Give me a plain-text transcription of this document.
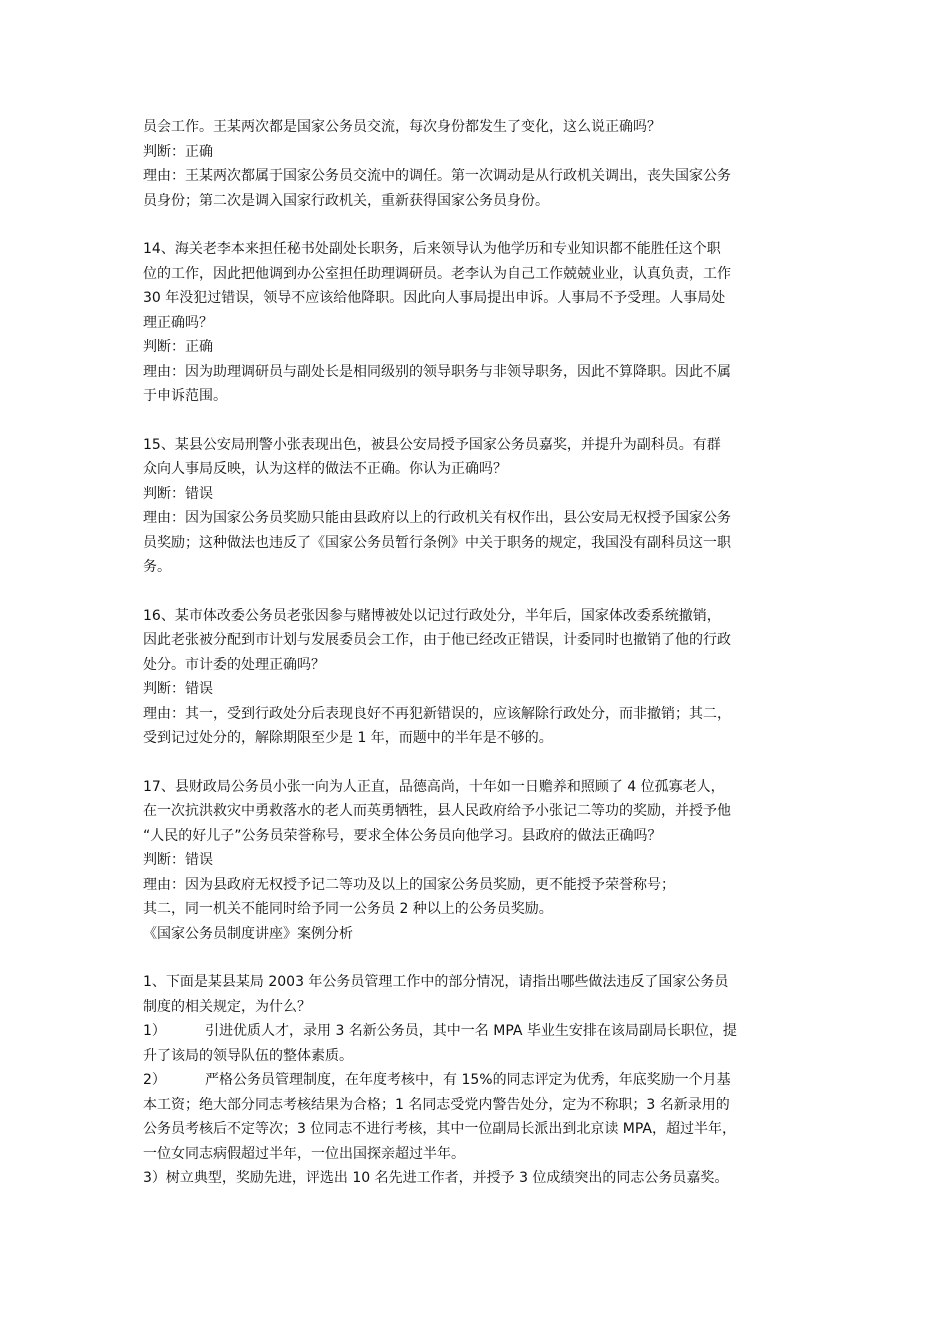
员会工作。王某两次都是国家公务员交流，每次身份都发生了变化，这么说正确吗？
判断：正确
理由：王某两次都属于国家公务员交流中的调任。第一次调动是从行政机关调出，丧失国家公务
员身份；第二次是调入国家行政机关，重新获得国家公务员身份。
14、海关老李本来担任秘书处副处长职务，后来领导认为他学历和专业知识都不能胜任这个职
位的工作，因此把他调到办公室担任助理调研员。老李认为自己工作兢兢业业，认真负责，工作
30 年没犯过错误，领导不应该给他降职。因此向人事局提出申诉。人事局不予受理。人事局处
理正确吗？
判断：正确
理由：因为助理调研员与副处长是相同级别的领导职务与非领导职务，因此不算降职。因此不属
于申诉范围。
15、某县公安局刑警小张表现出色，被县公安局授予国家公务员嘉奖，并提升为副科员。有群
众向人事局反映，认为这样的做法不正确。你认为正确吗？
判断：错误
理由：因为国家公务员奖励只能由县政府以上的行政机关有权作出，县公安局无权授予国家公务
员奖励；这种做法也违反了《国家公务员暂行条例》中关于职务的规定，我国没有副科员这一职
务。
16、某市体改委公务员老张因参与赌博被处以记过行政处分，半年后，国家体改委系统撤销，
因此老张被分配到市计划与发展委员会工作，由于他已经改正错误，计委同时也撤销了他的行政
处分。市计委的处理正确吗？
判断：错误
理由：其一，受到行政处分后表现良好不再犯新错误的，应该解除行政处分，而非撤销；其二，
受到记过处分的，解除期限至少是 1 年，而题中的半年是不够的。
17、县财政局公务员小张一向为人正直，品德高尚，十年如一日赡养和照顾了 4 位孤寡老人，
在一次抗洪救灾中勇救落水的老人而英勇牺牲，县人民政府给予小张记二等功的奖励，并授予他
“人民的好儿子”公务员荣誉称号，要求全体公务员向他学习。县政府的做法正确吗？
判断：错误
理由：因为县政府无权授予记二等功及以上的国家公务员奖励，更不能授予荣誉称号；
其二，同一机关不能同时给予同一公务员 2 种以上的公务员奖励。
《国家公务员制度讲座》案例分析
1、下面是某县某局 2003 年公务员管理工作中的部分情况，请指出哪些做法违反了国家公务员
制度的相关规定，为什么？
1）	引进优质人才，录用 3 名新公务员，其中一名 MPA 毕业生安排在该局副局长职位，提
升了该局的领导队伍的整体素质。
2）	严格公务员管理制度，在年度考核中，有 15%的同志评定为优秀，年底奖励一个月基
本工资；绝大部分同志考核结果为合格；1 名同志受党内警告处分，定为不称职；3 名新录用的
公务员考核后不定等次；3 位同志不进行考核，其中一位副局长派出到北京读 MPA，超过半年，
一位女同志病假超过半年，一位出国探亲超过半年。
3）树立典型，奖励先进，评选出 10 名先进工作者，并授予 3 位成绩突出的同志公务员嘉奖。
